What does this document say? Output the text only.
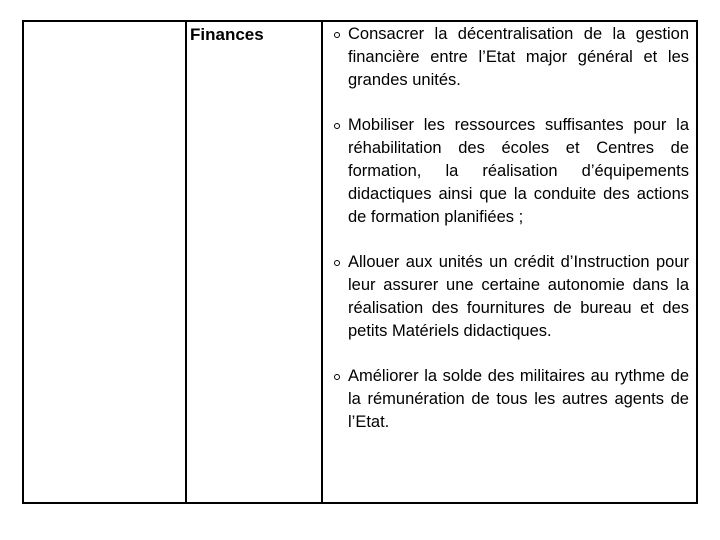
Finances	Consacrer la décentralisation de la gestion financière entre l’Etat major général et les grandes unités.
Mobiliser les ressources suffisantes pour la réhabilitation des écoles et Centres de formation, la réalisation d’équipements didactiques ainsi que la conduite des actions de formation planifiées ;
Allouer aux unités un crédit d’Instruction pour leur assurer une certaine autonomie dans la réalisation des fournitures de bureau et des petits Matériels didactiques.
Améliorer la solde des militaires au rythme de la rémunération de tous les autres agents de l’Etat.
